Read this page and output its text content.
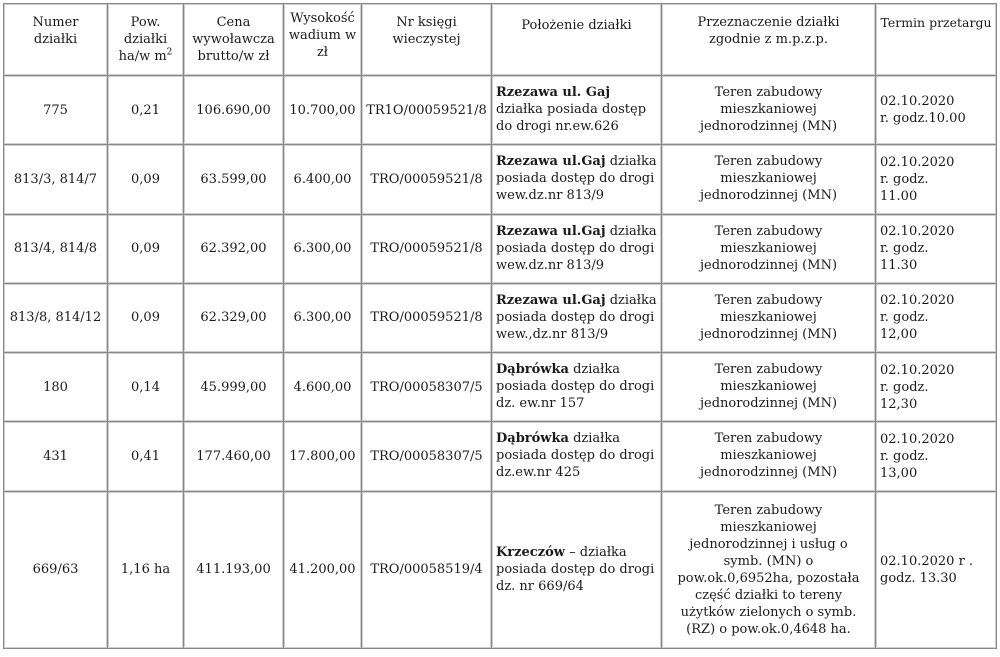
Numer działki	Pow. działki ha/w $m^2$	Cena wywoławcza brutto/w zł	Wysokość wadium w zł	Nr księgi wieczystej	Położenie działki	Przeznaczenie działki zgodnie z m.p.z.p.	Termin przetargu
775	0,21	106.690,00	10.700,00	TR1O/00059521/8	Rzezawa ul. Gaj działka posiada dostęp do drogi nr.ew.626	Teren zabudowy mieszkaniowej jednorodzinnej (MN)	02.10.2020 r. godz.10.00
813/3, 814/7	0,09	63.599,00	6.400,00	TRO/00059521/8	Rzezawa ul.Gaj działka posiada dostęp do drogi wew.dz.nr 813/9	Teren zabudowy mieszkaniowej jednorodzinnej (MN)	02.10.2020 r. godz. 11.00
813/4, 814/8	0,09	62.392,00	6.300,00	TRO/00059521/8	Rzezawa ul.Gaj działka posiada dostęp do drogi wew.dz.nr 813/9	Teren zabudowy mieszkaniowej jednorodzinnej (MN)	02.10.2020 r. godz. 11.30
813/8, 814/12	0,09	62.329,00	6.300,00	TRO/00059521/8	Rzezawa ul.Gaj działka posiada dostęp do drogi wew.,dz.nr 813/9	Teren zabudowy mieszkaniowej jednorodzinnej (MN)	02.10.2020 r. godz. 12,00
180	0,14	45.999,00	4.600,00	TRO/00058307/5	Dąbrówka działka posiada dostęp do drogi dz. ew.nr 157	Teren zabudowy mieszkaniowej jednorodzinnej (MN)	02.10.2020 r. godz. 12,30
431	0,41	177.460,00	17.800,00	TRO/00058307/5	Dąbrówka działka posiada dostęp do drogi dz.ew.nr 425	Teren zabudowy mieszkaniowej jednorodzinnej (MN)	02.10.2020 r. godz. 13,00
669/63	1,16 ha	411.193,00	41.200,00	TRO/00058519/4	Krzeczów – działka posiada dostęp do drogi dz. nr 669/64	Teren zabudowy mieszkaniowej jednorodzinnej i usług o symb. (MN) o pow.ok.0,6952ha, pozostała część działki to tereny użytków zielonych o symb.(RZ) o pow.ok.0,4648 ha.	02.10.2020 r . godz. 13.30
